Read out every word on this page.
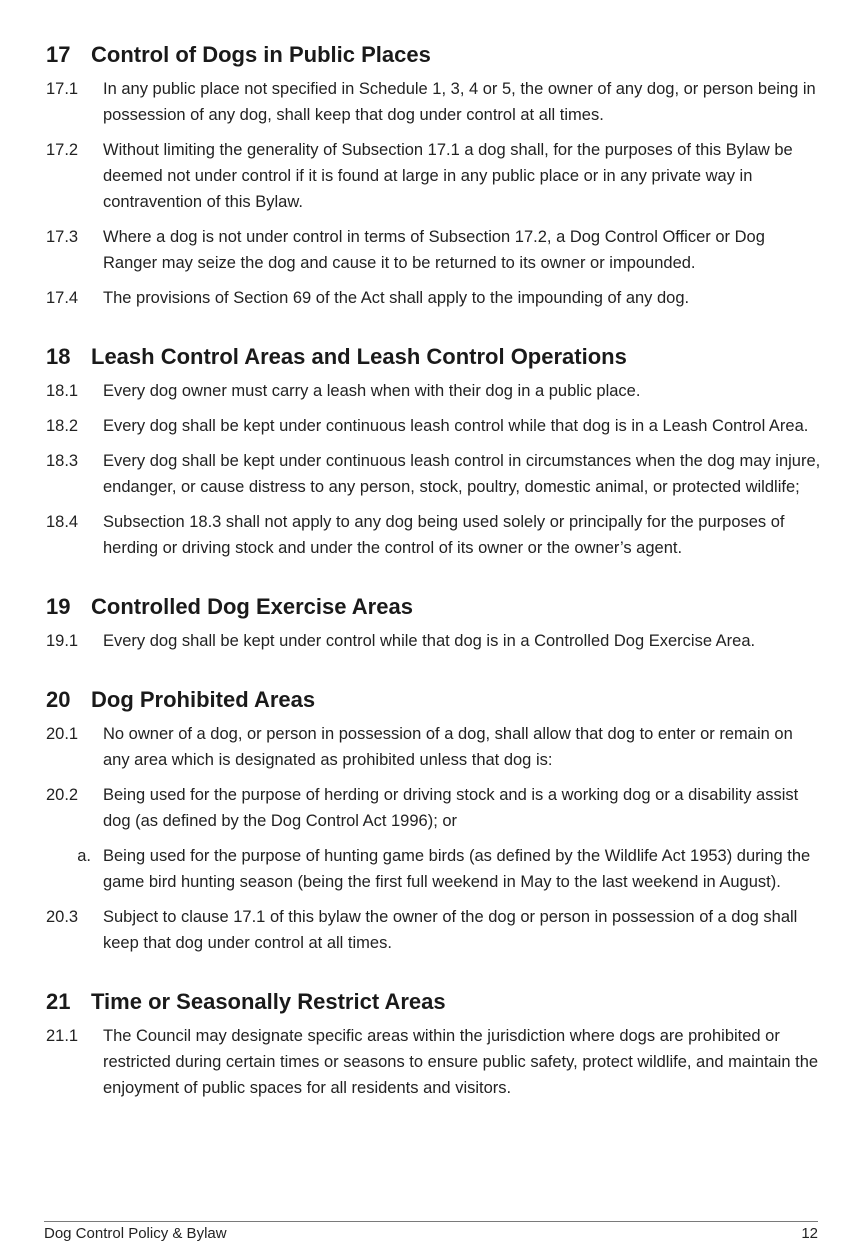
17 Control of Dogs in Public Places
17.1	In any public place not specified in Schedule 1, 3, 4 or 5, the owner of any dog, or person being in possession of any dog, shall keep that dog under control at all times.
17.2	Without limiting the generality of Subsection 17.1 a dog shall, for the purposes of this Bylaw be deemed not under control if it is found at large in any public place or in any private way in contravention of this Bylaw.
17.3	Where a dog is not under control in terms of Subsection 17.2, a Dog Control Officer or Dog Ranger may seize the dog and cause it to be returned to its owner or impounded.
17.4	The provisions of Section 69 of the Act shall apply to the impounding of any dog.
18 Leash Control Areas and Leash Control Operations
18.1	Every dog owner must carry a leash when with their dog in a public place.
18.2	Every dog shall be kept under continuous leash control while that dog is in a Leash Control Area.
18.3	Every dog shall be kept under continuous leash control in circumstances when the dog may injure, endanger, or cause distress to any person, stock, poultry, domestic animal, or protected wildlife;
18.4	Subsection 18.3 shall not apply to any dog being used solely or principally for the purposes of herding or driving stock and under the control of its owner or the owner’s agent.
19 Controlled Dog Exercise Areas
19.1	Every dog shall be kept under control while that dog is in a Controlled Dog Exercise Area.
20 Dog Prohibited Areas
20.1	No owner of a dog, or person in possession of a dog, shall allow that dog to enter or remain on any area which is designated as prohibited unless that dog is:
20.2	Being used for the purpose of herding or driving stock and is a working dog or a disability assist dog (as defined by the Dog Control Act 1996); or
a. Being used for the purpose of hunting game birds (as defined by the Wildlife Act 1953) during the game bird hunting season (being the first full weekend in May to the last weekend in August).
20.3	Subject to clause 17.1 of this bylaw the owner of the dog or person in possession of a dog shall keep that dog under control at all times.
21 Time or Seasonally Restrict Areas
21.1	The Council may designate specific areas within the jurisdiction where dogs are prohibited or restricted during certain times or seasons to ensure public safety, protect wildlife, and maintain the enjoyment of public spaces for all residents and visitors.
Dog Control Policy & Bylaw	12
